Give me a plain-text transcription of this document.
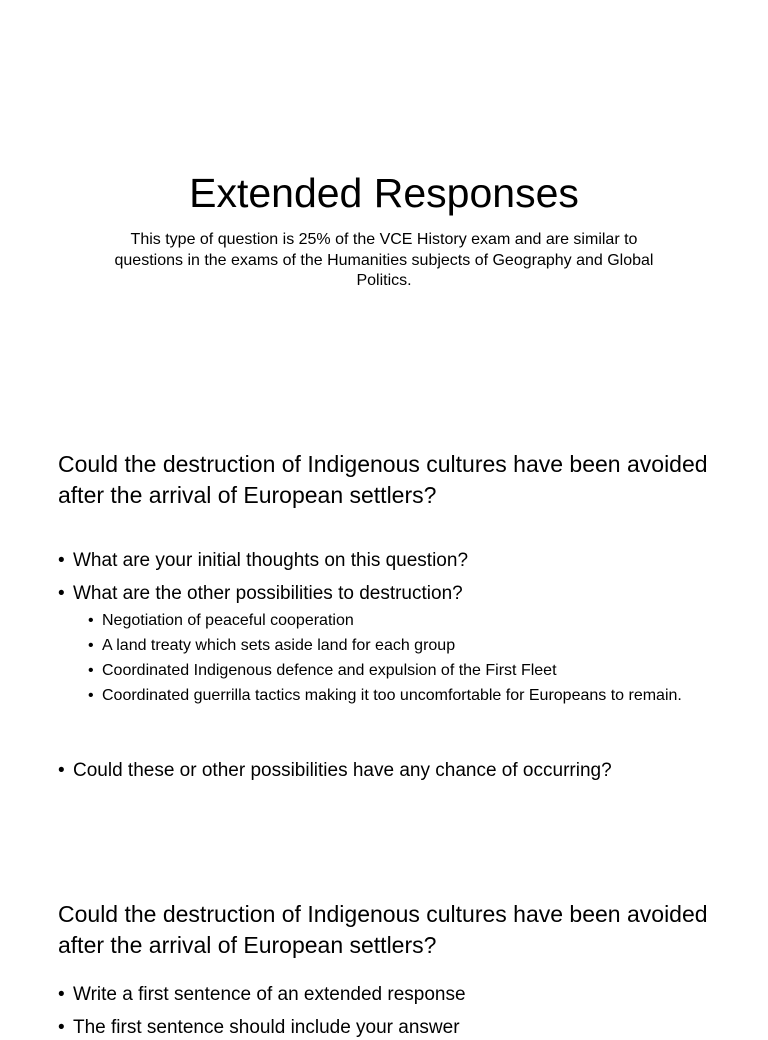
Extended Responses
This type of question is 25% of the VCE History exam and are similar to questions in the exams of the Humanities subjects of Geography and Global Politics.
Could the destruction of Indigenous cultures have been avoided after the arrival of European settlers?
• What are your initial thoughts on this question?
• What are the other possibilities to destruction?
• Negotiation of peaceful cooperation
• A land treaty which sets aside land for each group
• Coordinated Indigenous defence and expulsion of the First Fleet
• Coordinated guerrilla tactics making it too uncomfortable for Europeans to remain.
• Could these or other possibilities have any chance of occurring?
Could the destruction of Indigenous cultures have been avoided after the arrival of European settlers?
• Write a first sentence of an extended response
• The first sentence should include your answer
